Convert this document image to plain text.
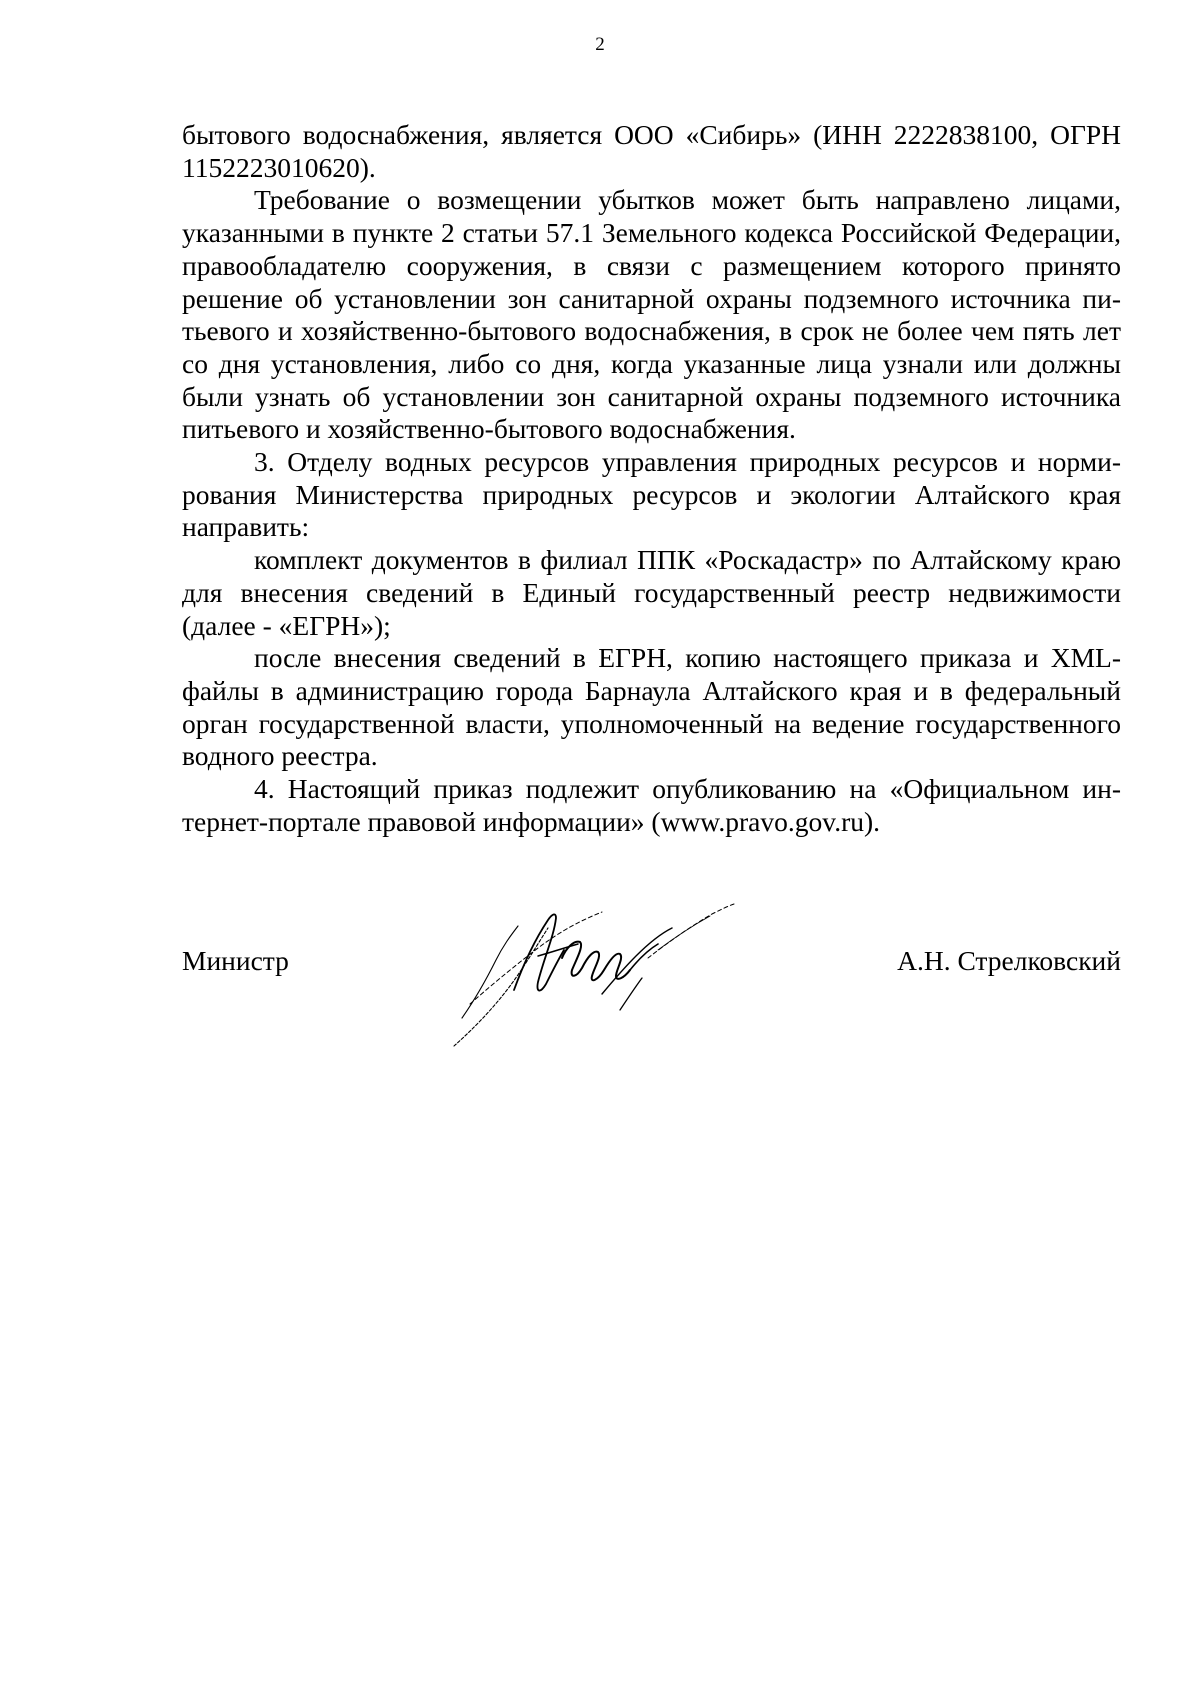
2

бытового водоснабжения, является ООО «Сибирь» (ИНН 2222838100, ОГРН 1152223010620).

Требование о возмещении убытков может быть направлено лицами, указанными в пункте 2 статьи 57.1 Земельного кодекса Российской Федерации, правообладателю сооружения, в связи с размещением которого принято решение об установлении зон санитарной охраны подземного источника питьевого и хозяйственно-бытового водоснабжения, в срок не более чем пять лет со дня установления, либо со дня, когда указанные лица узнали или должны были узнать об установлении зон санитарной охраны подземного источника питьевого и хозяйственно-бытового водоснабжения.

3. Отделу водных ресурсов управления природных ресурсов и нормирования Министерства природных ресурсов и экологии Алтайского края направить:

комплект документов в филиал ППК «Роскадастр» по Алтайскому краю для внесения сведений в Единый государственный реестр недвижимости (далее - «ЕГРН»);

после внесения сведений в ЕГРН, копию настоящего приказа и XML-файлы в администрацию города Барнаула Алтайского края и в федеральный орган государственной власти, уполномоченный на ведение государственного водного реестра.

4. Настоящий приказ подлежит опубликованию на «Официальном интернет-портале правовой информации» (www.pravo.gov.ru).

Министр	А.Н. Стрелковский
